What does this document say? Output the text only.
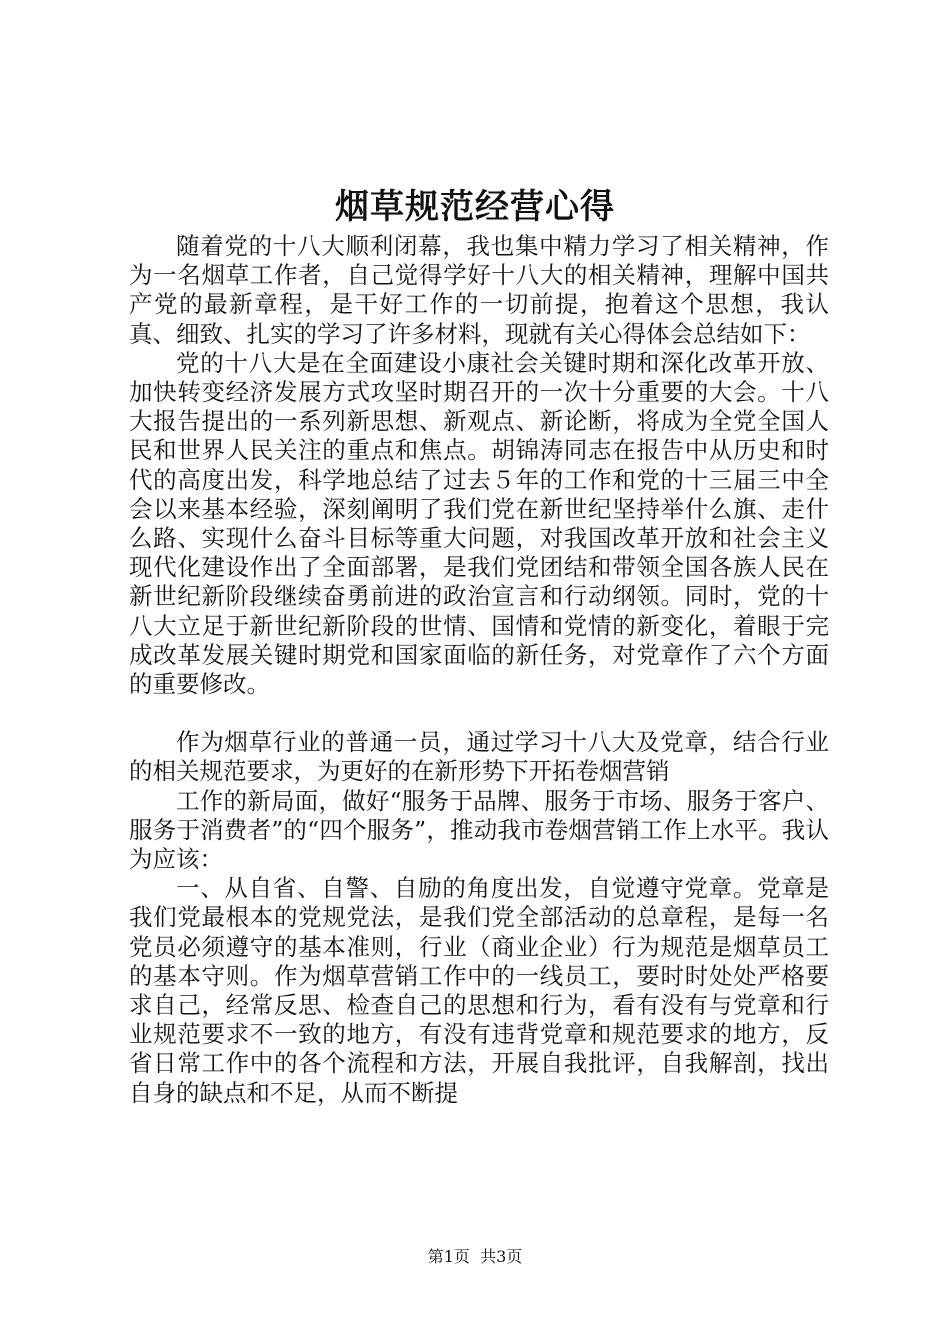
烟草规范经营心得

随着党的十八大顺利闭幕，我也集中精力学习了相关精神，作为一名烟草工作者，自己觉得学好十八大的相关精神，理解中国共产党的最新章程，是干好工作的一切前提，抱着这个思想，我认真、细致、扎实的学习了许多材料，现就有关心得体会总结如下：

党的十八大是在全面建设小康社会关键时期和深化改革开放、加快转变经济发展方式攻坚时期召开的一次十分重要的大会。十八大报告提出的一系列新思想、新观点、新论断，将成为全党全国人民和世界人民关注的重点和焦点。胡锦涛同志在报告中从历史和时代的高度出发，科学地总结了过去５年的工作和党的十三届三中全会以来基本经验，深刻阐明了我们党在新世纪坚持举什么旗、走什么路、实现什么奋斗目标等重大问题，对我国改革开放和社会主义现代化建设作出了全面部署，是我们党团结和带领全国各族人民在新世纪新阶段继续奋勇前进的政治宣言和行动纲领。同时，党的十八大立足于新世纪新阶段的世情、国情和党情的新变化，着眼于完成改革发展关键时期党和国家面临的新任务，对党章作了六个方面的重要修改。

作为烟草行业的普通一员，通过学习十八大及党章，结合行业的相关规范要求，为更好的在新形势下开拓卷烟营销

工作的新局面，做好“服务于品牌、服务于市场、服务于客户、服务于消费者”的“四个服务”，推动我市卷烟营销工作上水平。我认为应该：

一、从自省、自警、自励的角度出发，自觉遵守党章。党章是我们党最根本的党规党法，是我们党全部活动的总章程，是每一名党员必须遵守的基本准则，行业（商业企业）行为规范是烟草员工的基本守则。作为烟草营销工作中的一线员工，要时时处处严格要求自己，经常反思、检查自己的思想和行为，看有没有与党章和行业规范要求不一致的地方，有没有违背党章和规范要求的地方，反省日常工作中的各个流程和方法，开展自我批评，自我解剖，找出自身的缺点和不足，从而不断提

第1页 共3页
